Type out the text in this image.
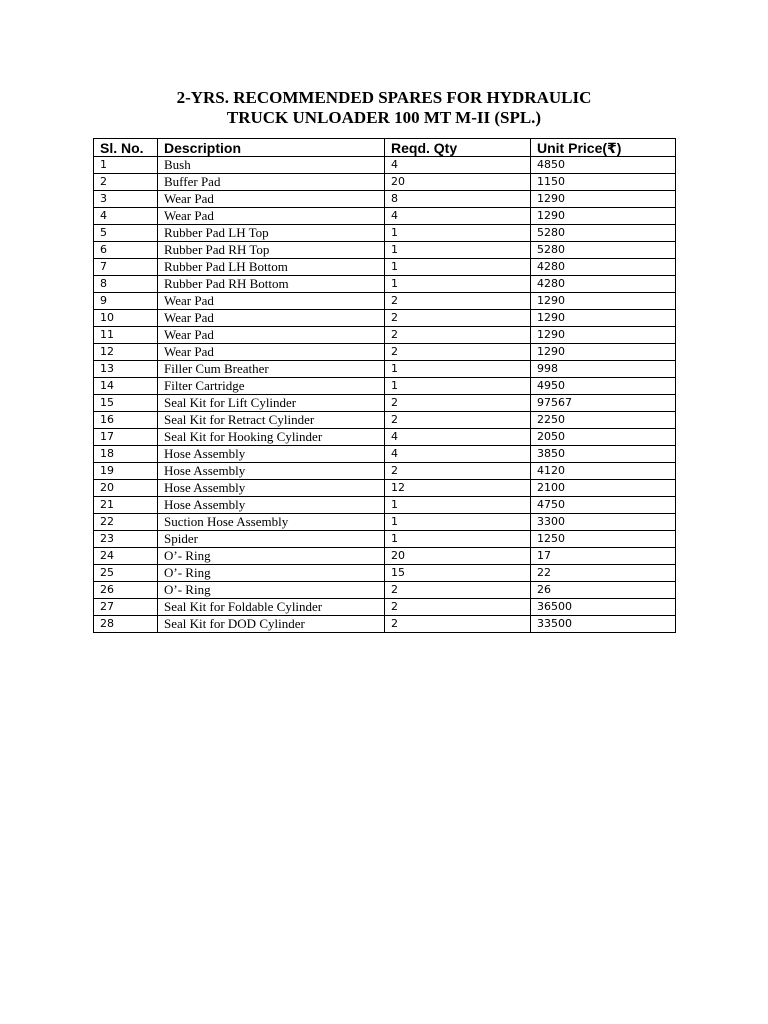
2-YRS. RECOMMENDED SPARES FOR HYDRAULIC
TRUCK UNLOADER 100 MT M-II (SPL.)
Sl. No.	Description	Reqd. Qty	Unit Price(₹)
1	Bush	4	4850
2	Buffer Pad	20	1150
3	Wear Pad	8	1290
4	Wear Pad	4	1290
5	Rubber Pad LH Top	1	5280
6	Rubber Pad RH Top	1	5280
7	Rubber Pad LH Bottom	1	4280
8	Rubber Pad RH Bottom	1	4280
9	Wear Pad	2	1290
10	Wear Pad	2	1290
11	Wear Pad	2	1290
12	Wear Pad	2	1290
13	Filler Cum Breather	1	998
14	Filter Cartridge	1	4950
15	Seal Kit for Lift Cylinder	2	97567
16	Seal Kit for Retract Cylinder	2	2250
17	Seal Kit for Hooking Cylinder	4	2050
18	Hose Assembly	4	3850
19	Hose Assembly	2	4120
20	Hose Assembly	12	2100
21	Hose Assembly	1	4750
22	Suction Hose Assembly	1	3300
23	Spider	1	1250
24	O’- Ring	20	17
25	O’- Ring	15	22
26	O’- Ring	2	26
27	Seal Kit for Foldable Cylinder	2	36500
28	Seal Kit for DOD Cylinder	2	33500
